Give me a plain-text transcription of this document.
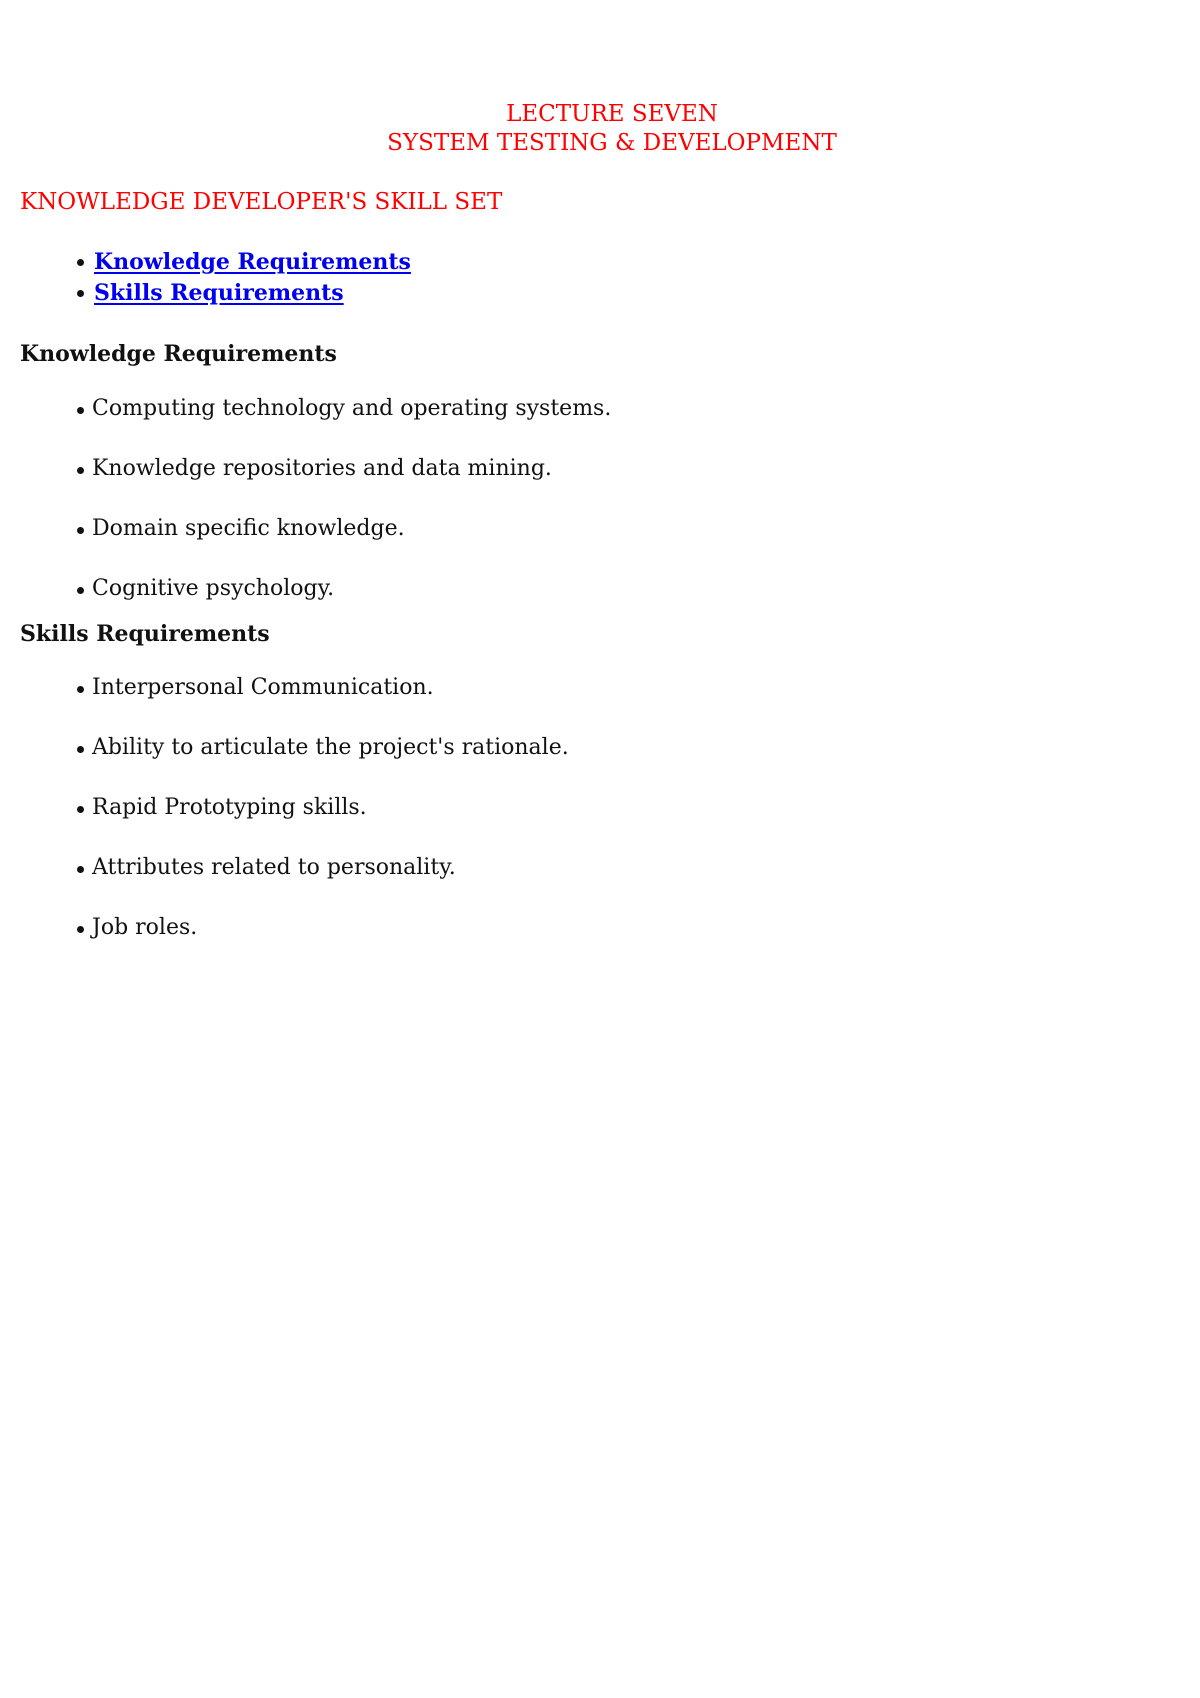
LECTURE SEVEN
SYSTEM TESTING & DEVELOPMENT
KNOWLEDGE DEVELOPER'S SKILL SET
Knowledge Requirements
Skills Requirements
Knowledge Requirements
Computing technology and operating systems.
Knowledge repositories and data mining.
Domain specific knowledge.
Cognitive psychology.
Skills Requirements
Interpersonal Communication.
Ability to articulate the project's rationale.
Rapid Prototyping skills.
Attributes related to personality.
Job roles.
